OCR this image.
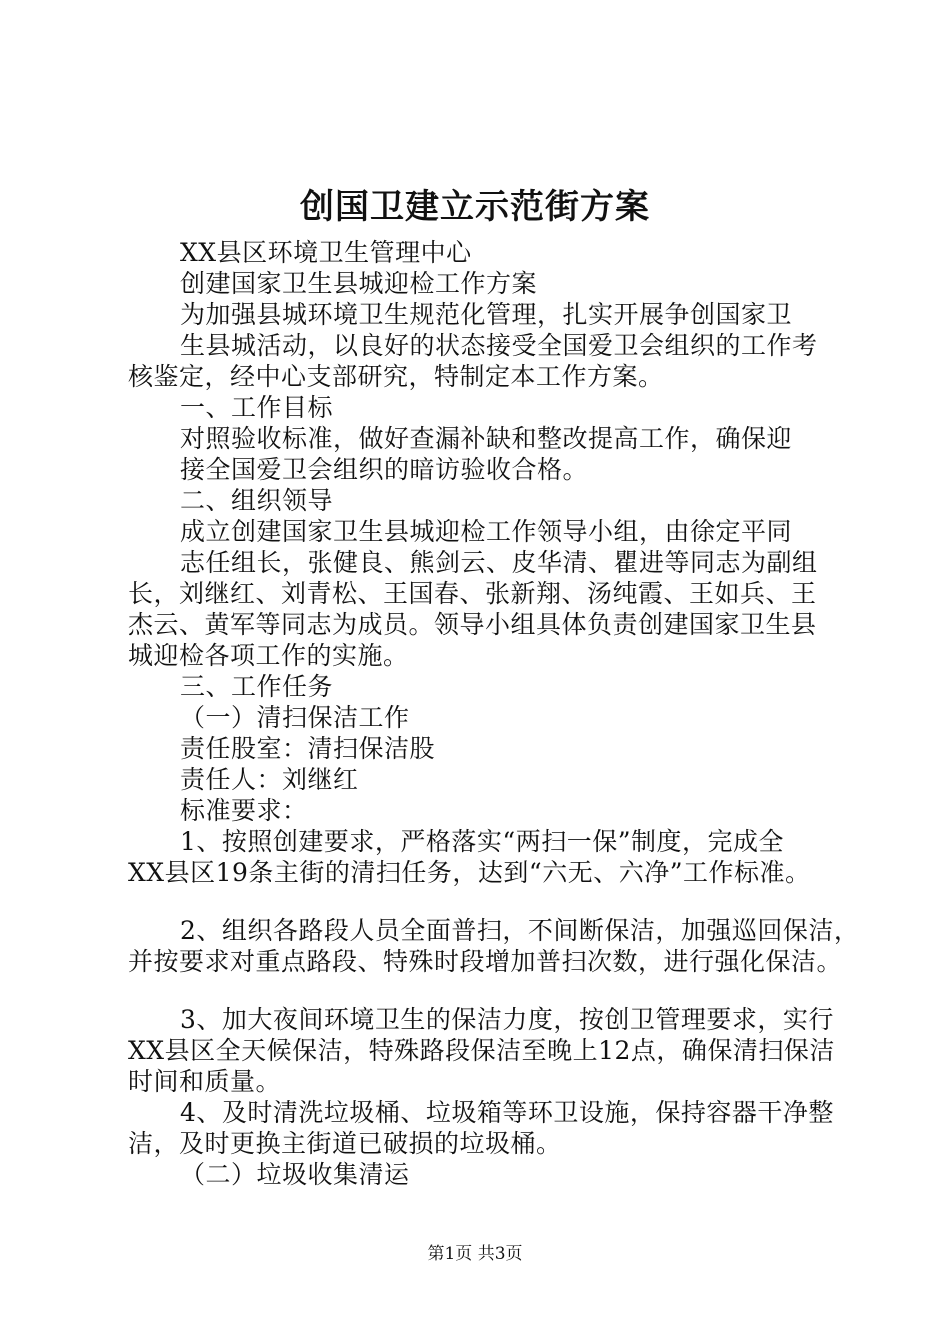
创国卫建立示范街方案
XX县区环境卫生管理中心
创建国家卫生县城迎检工作方案
为加强县城环境卫生规范化管理，扎实开展争创国家卫
生县城活动，以良好的状态接受全国爱卫会组织的工作考
核鉴定，经中心支部研究，特制定本工作方案。
一、工作目标
对照验收标准，做好查漏补缺和整改提高工作，确保迎
接全国爱卫会组织的暗访验收合格。
二、组织领导
成立创建国家卫生县城迎检工作领导小组，由徐定平同
志任组长，张健良、熊剑云、皮华清、瞿进等同志为副组
长，刘继红、刘青松、王国春、张新翔、汤纯霞、王如兵、王
杰云、黄军等同志为成员。领导小组具体负责创建国家卫生县
城迎检各项工作的实施。
三、工作任务
（一）清扫保洁工作
责任股室：清扫保洁股
责任人：刘继红
标准要求：
1、按照创建要求，严格落实“两扫一保”制度，完成全
XX县区19条主街的清扫任务，达到“六无、六净”工作标准。
2、组织各路段人员全面普扫，不间断保洁，加强巡回保洁，
并按要求对重点路段、特殊时段增加普扫次数，进行强化保洁。
3、加大夜间环境卫生的保洁力度，按创卫管理要求，实行
XX县区全天候保洁，特殊路段保洁至晚上12点，确保清扫保洁
时间和质量。
4、及时清洗垃圾桶、垃圾箱等环卫设施，保持容器干净整
洁，及时更换主街道已破损的垃圾桶。
（二）垃圾收集清运
第1页 共3页
